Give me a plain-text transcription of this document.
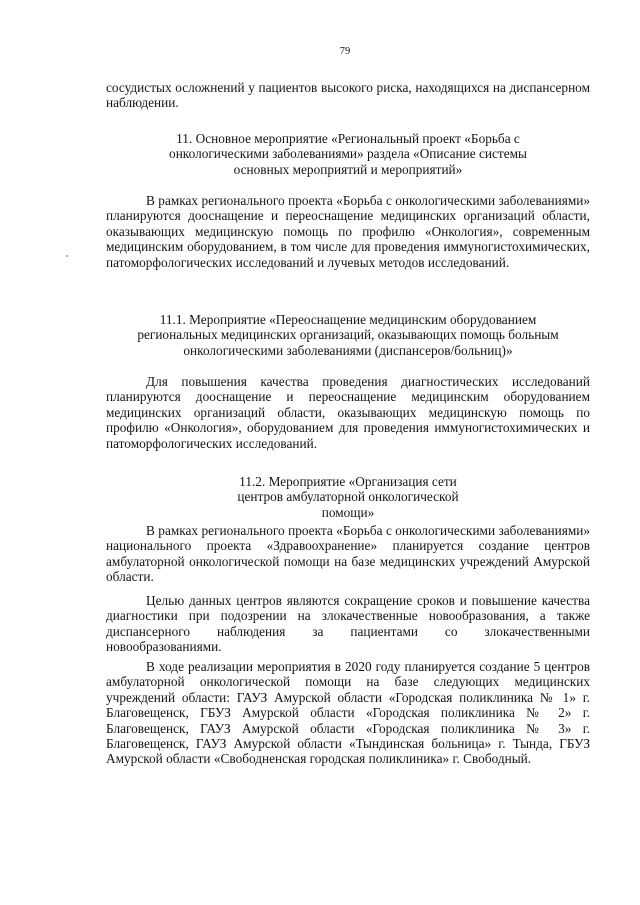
79
сосудистых осложнений у пациентов высокого риска, находящихся на диспансерном наблюдении.
11. Основное мероприятие «Региональный проект «Борьба с онкологическими заболеваниями» раздела «Описание системы основных мероприятий и мероприятий»
В рамках регионального проекта «Борьба с онкологическими заболеваниями» планируются дооснащение и переоснащение медицинских организаций области, оказывающих медицинскую помощь по профилю «Онкология», современным медицинским оборудованием, в том числе для проведения иммуногистохимических, патоморфологических исследований и лучевых методов исследований.
11.1. Мероприятие «Переоснащение медицинским оборудованием региональных медицинских организаций, оказывающих помощь больным онкологическими заболеваниями (диспансеров/больниц)»
Для повышения качества проведения диагностических исследований планируются дооснащение и переоснащение медицинским оборудованием медицинских организаций области, оказывающих медицинскую помощь по профилю «Онкология», оборудованием для проведения иммуногистохимических и патоморфологических исследований.
11.2. Мероприятие «Организация сети центров амбулаторной онкологической помощи»
В рамках регионального проекта «Борьба с онкологическими заболеваниями» национального проекта «Здравоохранение» планируется создание центров амбулаторной онкологической помощи на базе медицинских учреждений Амурской области.
Целью данных центров являются сокращение сроков и повышение качества диагностики при подозрении на злокачественные новообразования, а также диспансерного наблюдения за пациентами со злокачественными новообразованиями.
В ходе реализации мероприятия в 2020 году планируется создание 5 центров амбулаторной онкологической помощи на базе следующих медицинских учреждений области: ГАУЗ Амурской области «Городская поликлиника № 1» г. Благовещенск, ГБУЗ Амурской области «Городская поликлиника № 2» г. Благовещенск, ГАУЗ Амурской области «Городская поликлиника № 3» г. Благовещенск, ГАУЗ Амурской области «Тындинская больница» г. Тында, ГБУЗ Амурской области «Свободненская городская поликлиника» г. Свободный.
